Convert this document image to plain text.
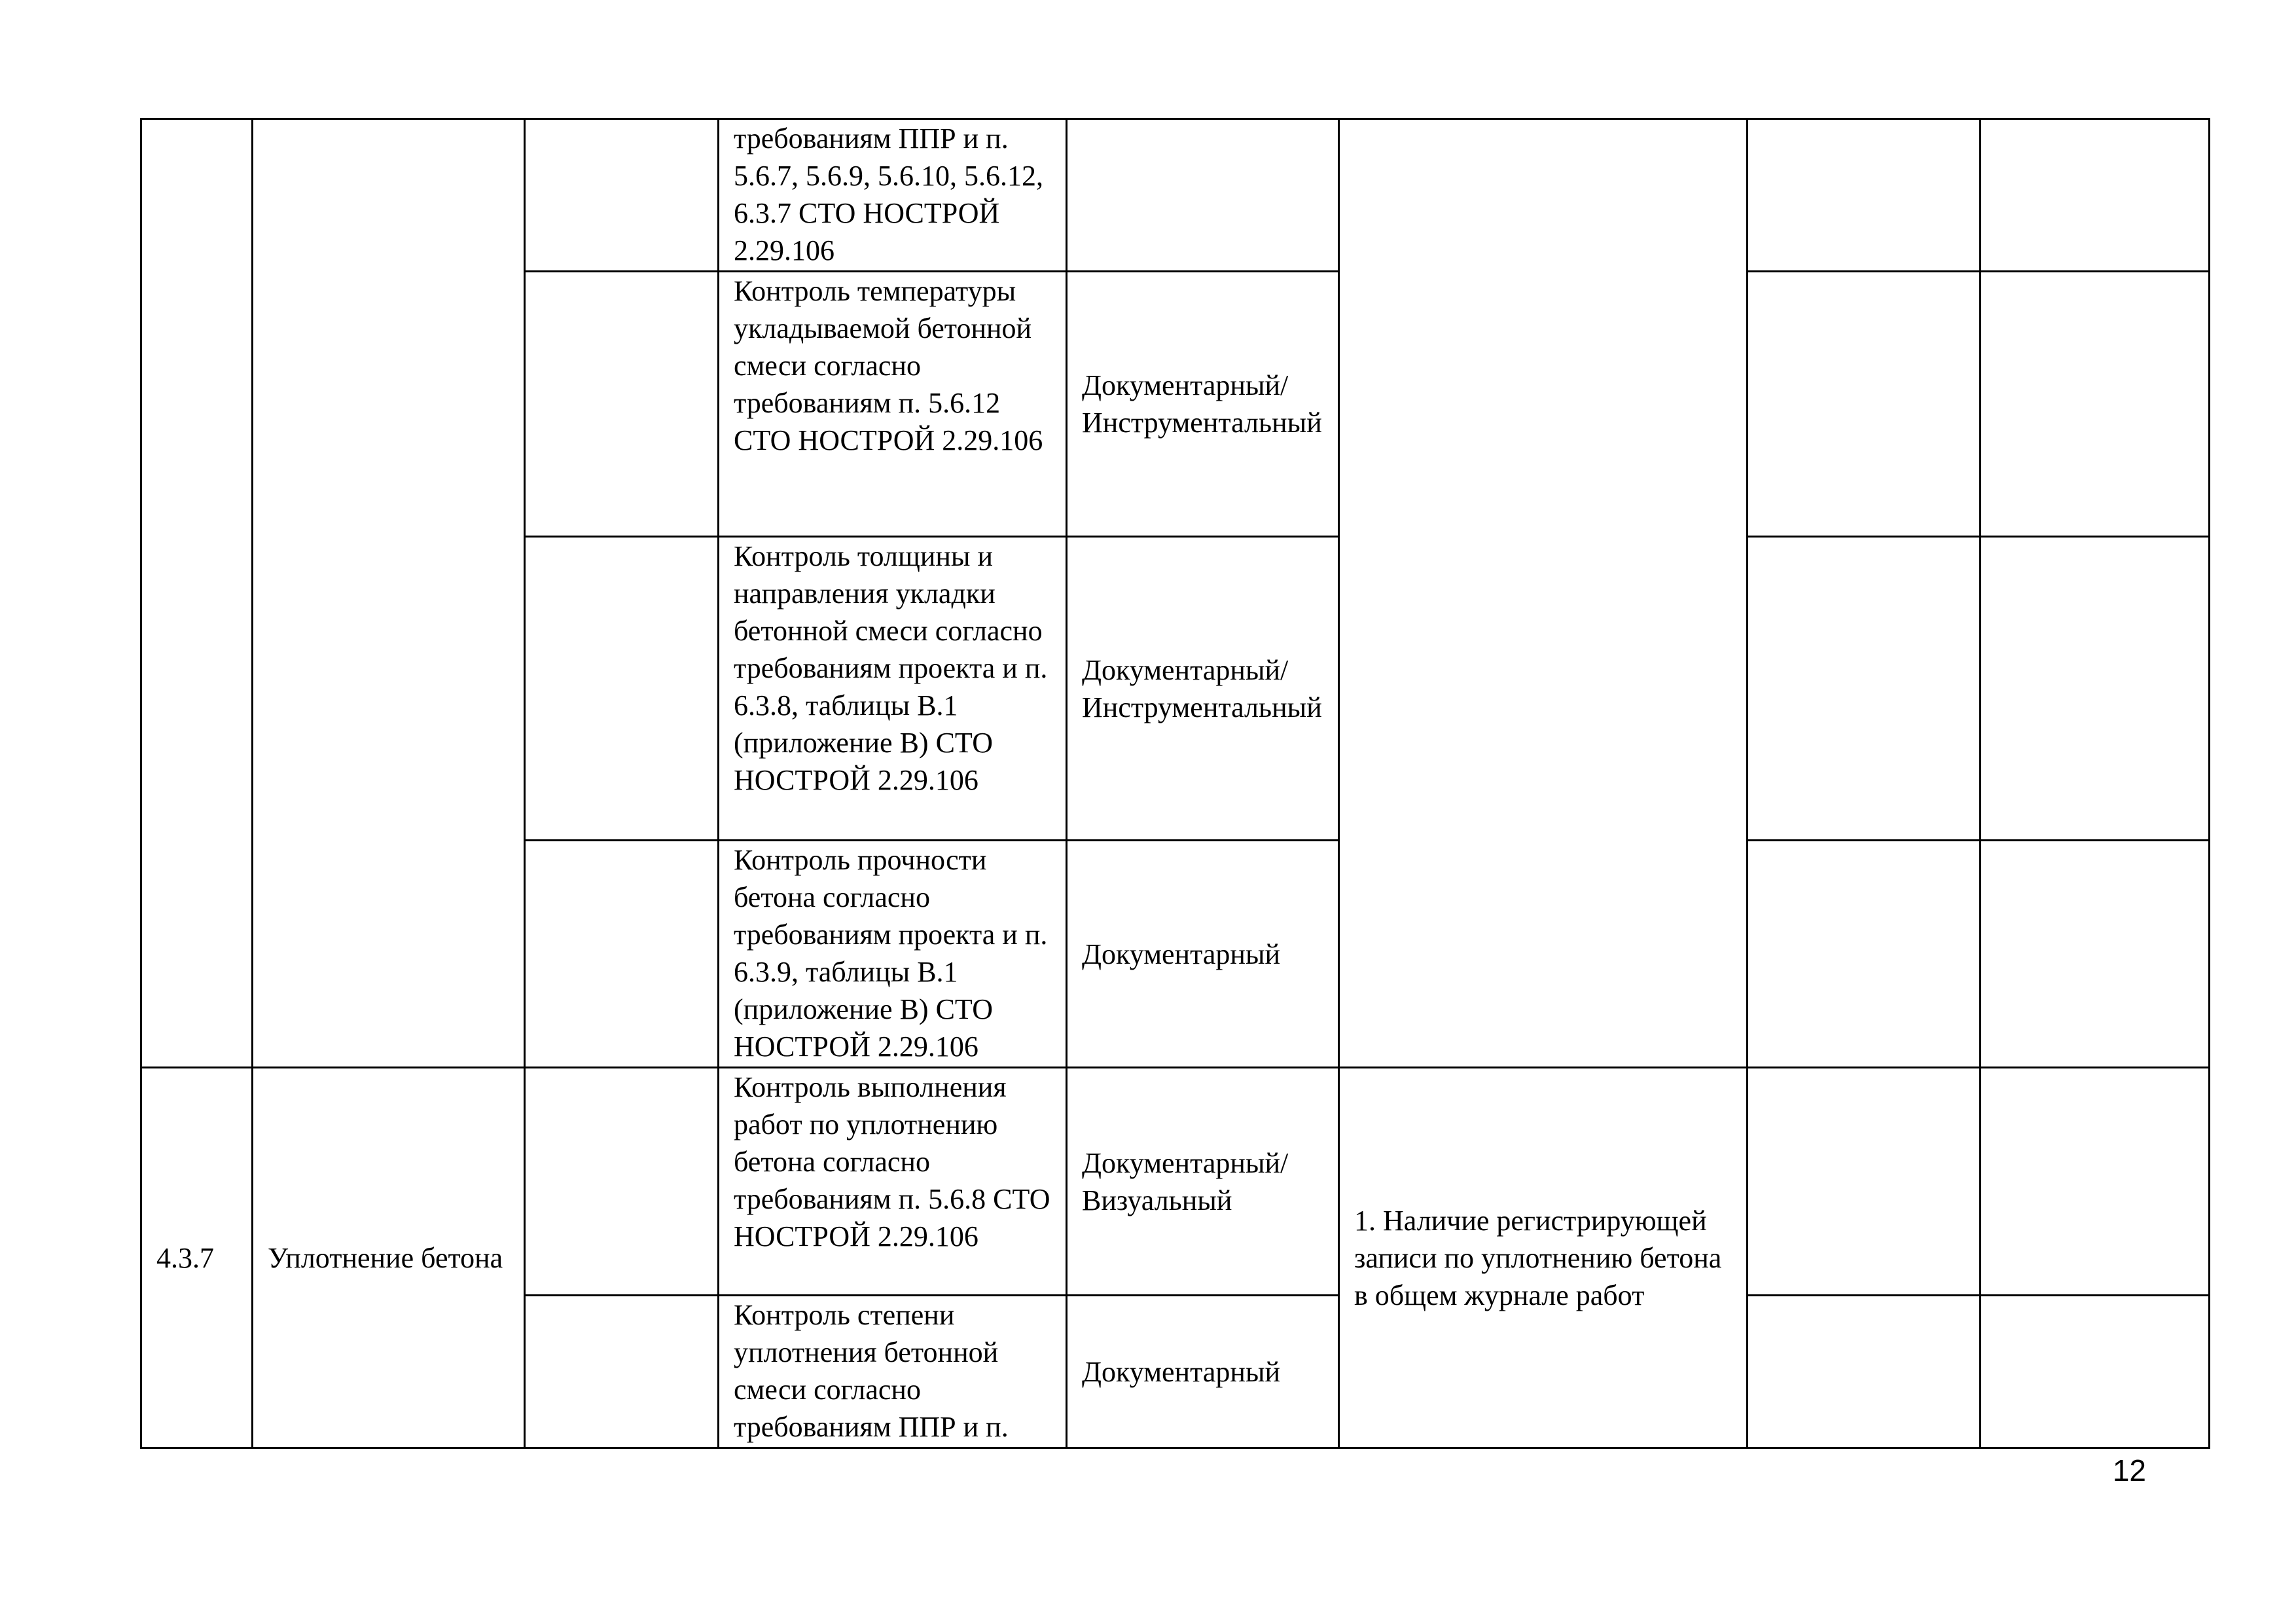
			требованиям ППР и п. 5.6.7, 5.6.9, 5.6.10, 5.6.12, 6.3.7 СТО НОСТРОЙ 2.29.106				
			Контроль температуры укладываемой бетонной смеси согласно требованиям п. 5.6.12 СТО НОСТРОЙ 2.29.106	Документарный/ Инструментальный			
			Контроль толщины и направления укладки бетонной смеси согласно требованиям проекта и п. 6.3.8, таблицы В.1 (приложение В) СТО НОСТРОЙ 2.29.106	Документарный/ Инструментальный			
			Контроль прочности бетона согласно требованиям проекта и п. 6.3.9, таблицы В.1 (приложение В) СТО НОСТРОЙ 2.29.106	Документарный			
4.3.7	Уплотнение бетона		Контроль выполнения работ по уплотнению бетона согласно требованиям п. 5.6.8 СТО НОСТРОЙ 2.29.106	Документарный/ Визуальный	1. Наличие регистрирующей записи по уплотнению бетона в общем журнале работ		
			Контроль степени уплотнения бетонной смеси согласно требованиям ППР и п.	Документарный			
12
